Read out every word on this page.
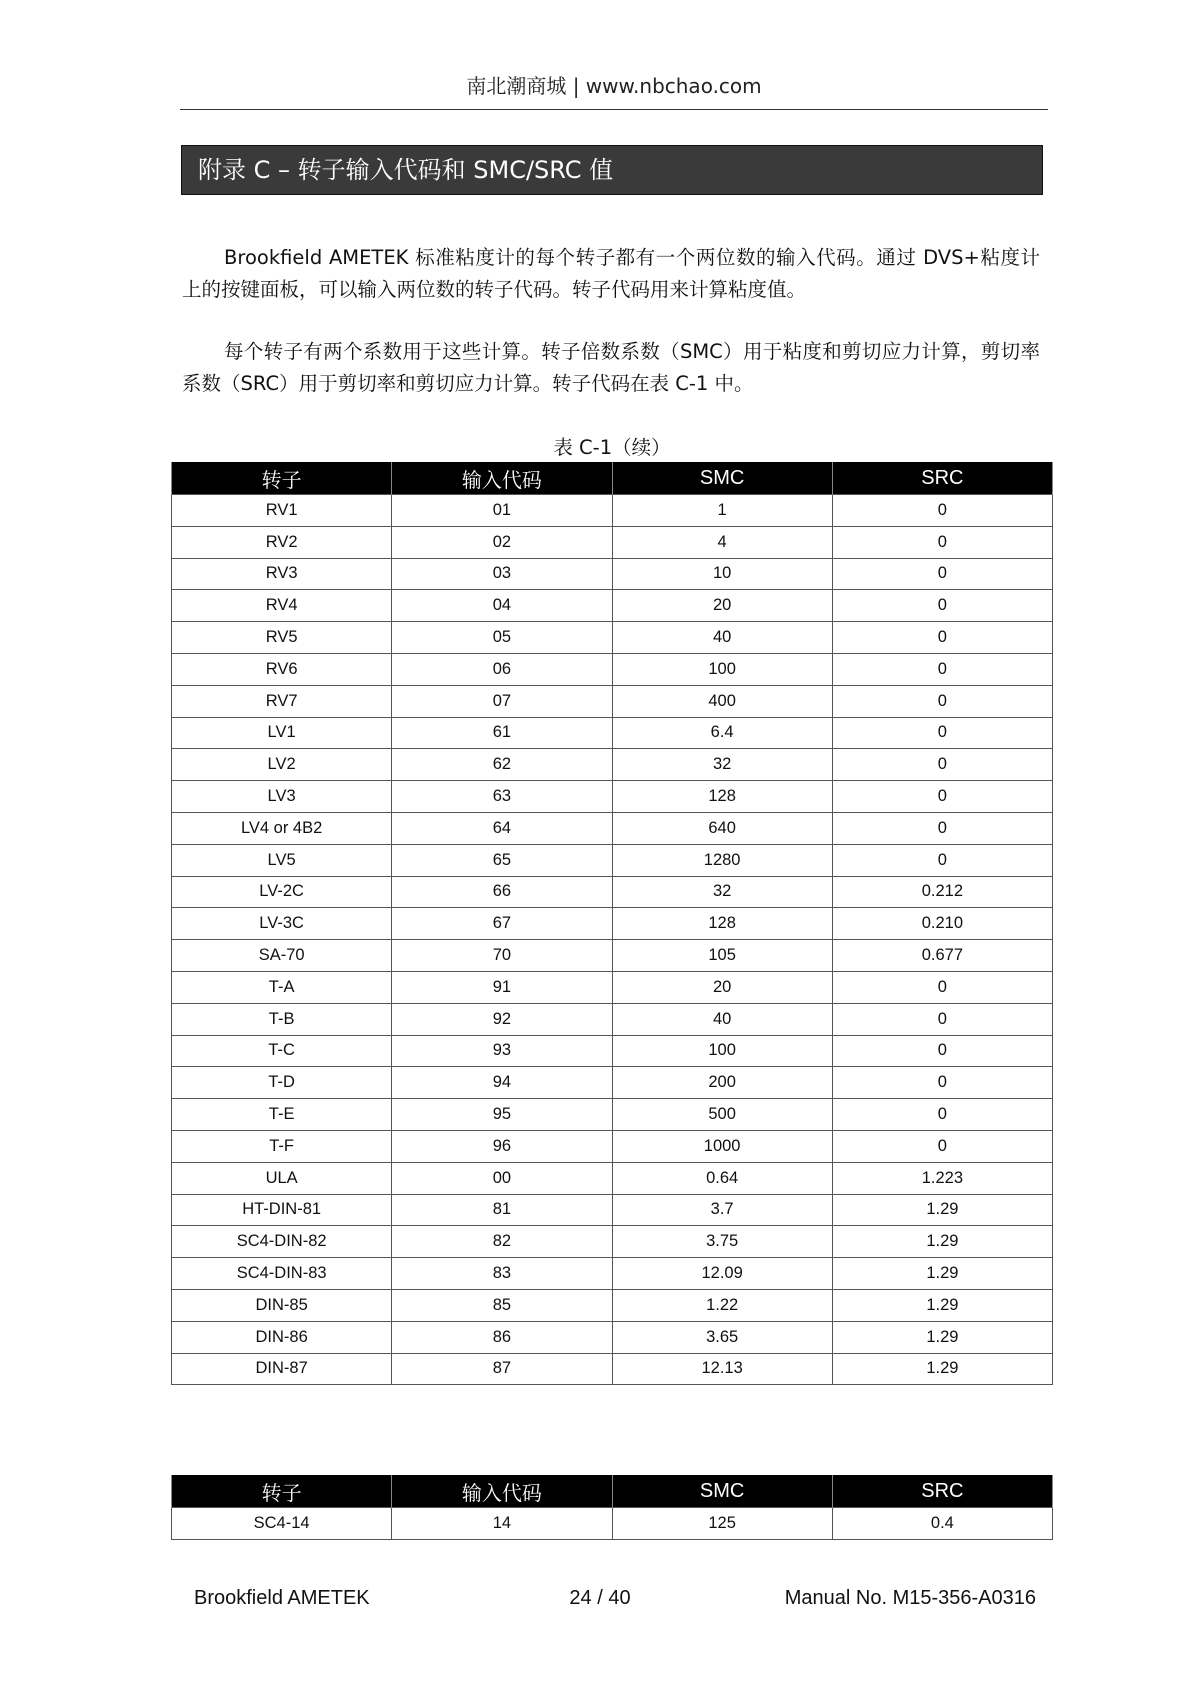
南北潮商城 | www.nbchao.com
附录 C – 转子输入代码和 SMC/SRC 值

Brookfield AMETEK 标准粘度计的每个转子都有一个两位数的输入代码。通过 DVS+粘度计上的按键面板，可以输入两位数的转子代码。转子代码用来计算粘度值。

每个转子有两个系数用于这些计算。转子倍数系数（SMC）用于粘度和剪切应力计算，剪切率系数（SRC）用于剪切率和剪切应力计算。转子代码在表 C-1 中。

表 C-1（续）
转子	输入代码	SMC	SRC
RV1	01	1	0
RV2	02	4	0
RV3	03	10	0
RV4	04	20	0
RV5	05	40	0
RV6	06	100	0
RV7	07	400	0
LV1	61	6.4	0
LV2	62	32	0
LV3	63	128	0
LV4 or 4B2	64	640	0
LV5	65	1280	0
LV-2C	66	32	0.212
LV-3C	67	128	0.210
SA-70	70	105	0.677
T-A	91	20	0
T-B	92	40	0
T-C	93	100	0
T-D	94	200	0
T-E	95	500	0
T-F	96	1000	0
ULA	00	0.64	1.223
HT-DIN-81	81	3.7	1.29
SC4-DIN-82	82	3.75	1.29
SC4-DIN-83	83	12.09	1.29
DIN-85	85	1.22	1.29
DIN-86	86	3.65	1.29
DIN-87	87	12.13	1.29
转子	输入代码	SMC	SRC
SC4-14	14	125	0.4
Brookfield AMETEK	24 / 40	Manual No. M15-356-A0316
